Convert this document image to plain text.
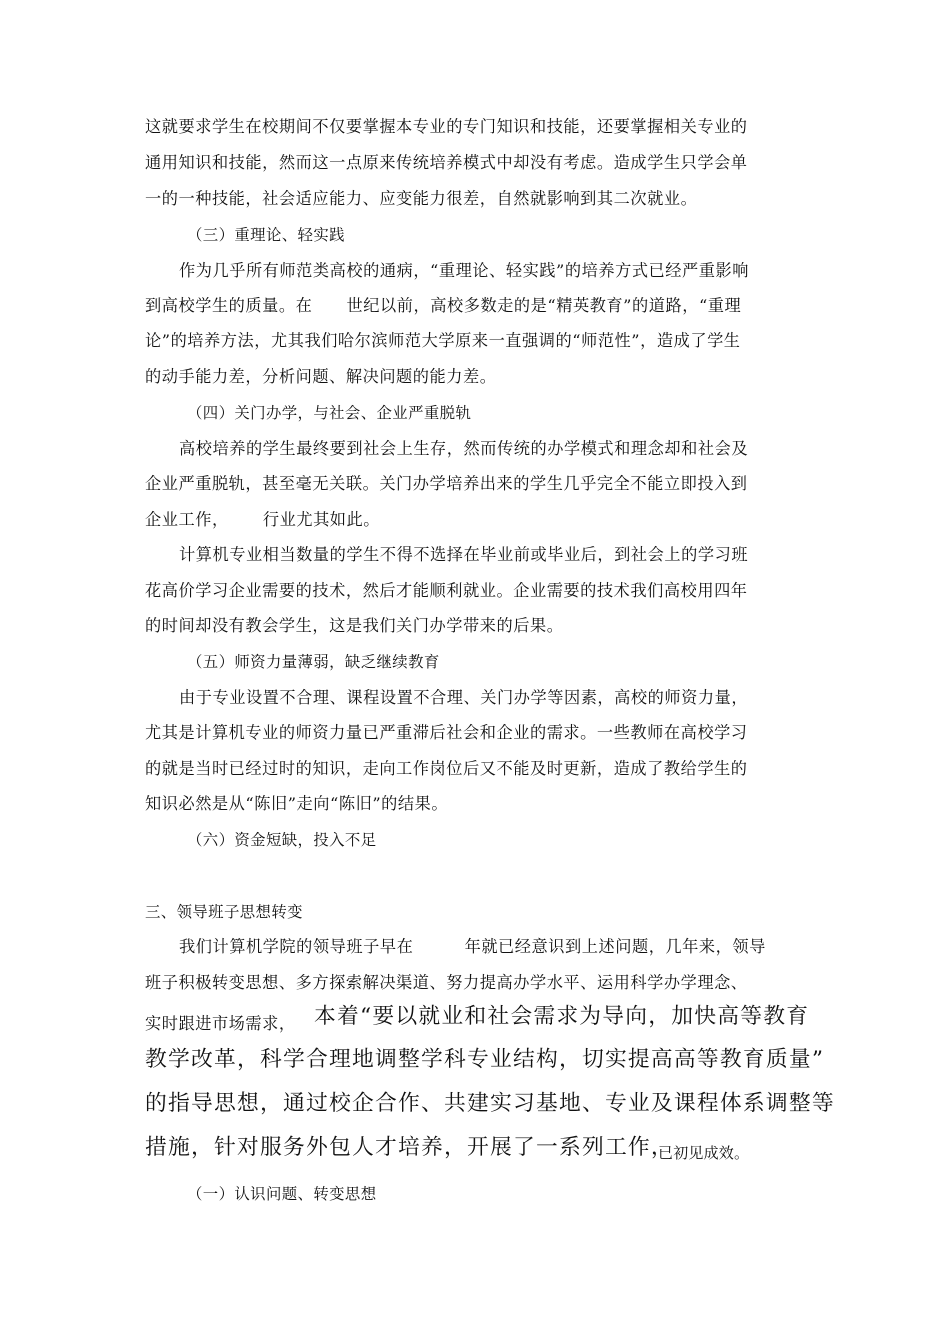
这就要求学生在校期间不仅要掌握本专业的专门知识和技能，还要掌握相关专业的

通用知识和技能，然而这一点原来传统培养模式中却没有考虑。造成学生只学会单

一的一种技能，社会适应能力、应变能力很差，自然就影响到其二次就业。

（三）重理论、轻实践

作为几乎所有师范类高校的通病，“重理论、轻实践”的培养方式已经严重影响

到高校学生的质量。在      世纪以前，高校多数走的是“精英教育”的道路，“重理

论”的培养方法，尤其我们哈尔滨师范大学原来一直强调的“师范性”，造成了学生

的动手能力差，分析问题、解决问题的能力差。

（四）关门办学，与社会、企业严重脱轨

高校培养的学生最终要到社会上生存，然而传统的办学模式和理念却和社会及

企业严重脱轨，甚至毫无关联。关门办学培养出来的学生几乎完全不能立即投入到

企业工作，      行业尤其如此。

计算机专业相当数量的学生不得不选择在毕业前或毕业后，到社会上的学习班

花高价学习企业需要的技术，然后才能顺利就业。企业需要的技术我们高校用四年

的时间却没有教会学生，这是我们关门办学带来的后果。

（五）师资力量薄弱，缺乏继续教育

由于专业设置不合理、课程设置不合理、关门办学等因素，高校的师资力量，

尤其是计算机专业的师资力量已严重滞后社会和企业的需求。一些教师在高校学习

的就是当时已经过时的知识，走向工作岗位后又不能及时更新，造成了教给学生的

知识必然是从“陈旧”走向“陈旧”的结果。

（六）资金短缺，投入不足

三、领导班子思想转变

我们计算机学院的领导班子早在         年就已经意识到上述问题，几年来，领导

班子积极转变思想、多方探索解决渠道、努力提高办学水平、运用科学办学理念、

实时跟进市场需求， 本着“要以就业和社会需求为导向，加快高等教育

教学改革，科学合理地调整学科专业结构，切实提高高等教育质量”

的指导思想，通过校企合作、共建实习基地、专业及课程体系调整等

措施，针对服务外包人才培养，开展了一系列工作，

已初见成效。

（一）认识问题、转变思想
